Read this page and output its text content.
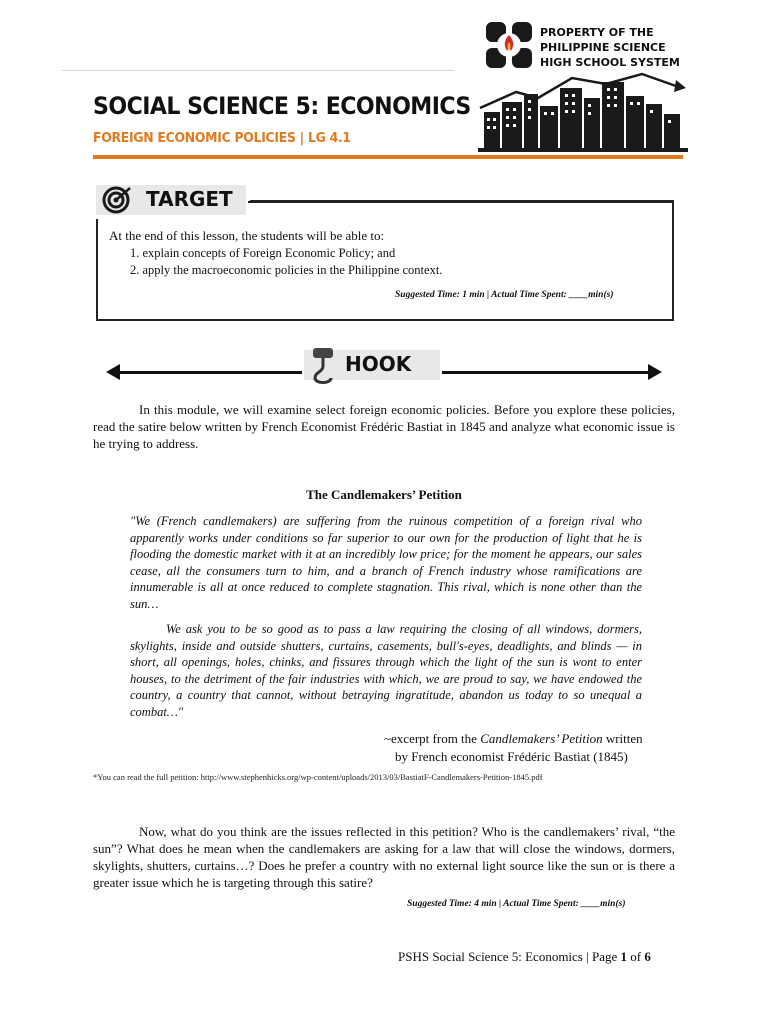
PROPERTY OF THE
PHILIPPINE SCIENCE
HIGH SCHOOL SYSTEM
SOCIAL SCIENCE 5: ECONOMICS
FOREIGN ECONOMIC POLICIES | LG 4.1
TARGET
At the end of this lesson, the students will be able to:
1. explain concepts of Foreign Economic Policy; and
2. apply the macroeconomic policies in the Philippine context.
Suggested Time: 1 min | Actual Time Spent: ____min(s)
HOOK
In this module, we will examine select foreign economic policies. Before you explore these policies, read the satire below written by French Economist Frédéric Bastiat in 1845 and analyze what economic issue is he trying to address.
The Candlemakers’ Petition
"We (French candlemakers) are suffering from the ruinous competition of a foreign rival who apparently works under conditions so far superior to our own for the production of light that he is flooding the domestic market with it at an incredibly low price; for the moment he appears, our sales cease, all the consumers turn to him, and a branch of French industry whose ramifications are innumerable is all at once reduced to complete stagnation. This rival, which is none other than the sun…
We ask you to be so good as to pass a law requiring the closing of all windows, dormers, skylights, inside and outside shutters, curtains, casements, bull's-eyes, deadlights, and blinds — in short, all openings, holes, chinks, and fissures through which the light of the sun is wont to enter houses, to the detriment of the fair industries with which, we are proud to say, we have endowed the country, a country that cannot, without betraying ingratitude, abandon us today to so unequal a combat…"
~excerpt from the Candlemakers’ Petition written
by French economist Frédéric Bastiat (1845)
*You can read the full petition: http://www.stephenhicks.org/wp-content/uploads/2013/03/BastiatF-Candlemakers-Petition-1845.pdf
Now, what do you think are the issues reflected in this petition? Who is the candlemakers’ rival, “the sun”? What does he mean when the candlemakers are asking for a law that will close the windows, dormers, skylights, shutters, curtains…? Does he prefer a country with no external light source like the sun or is there a greater issue which he is targeting through this satire?
Suggested Time: 4 min | Actual Time Spent: ____min(s)
PSHS Social Science 5: Economics | Page 1 of 6
